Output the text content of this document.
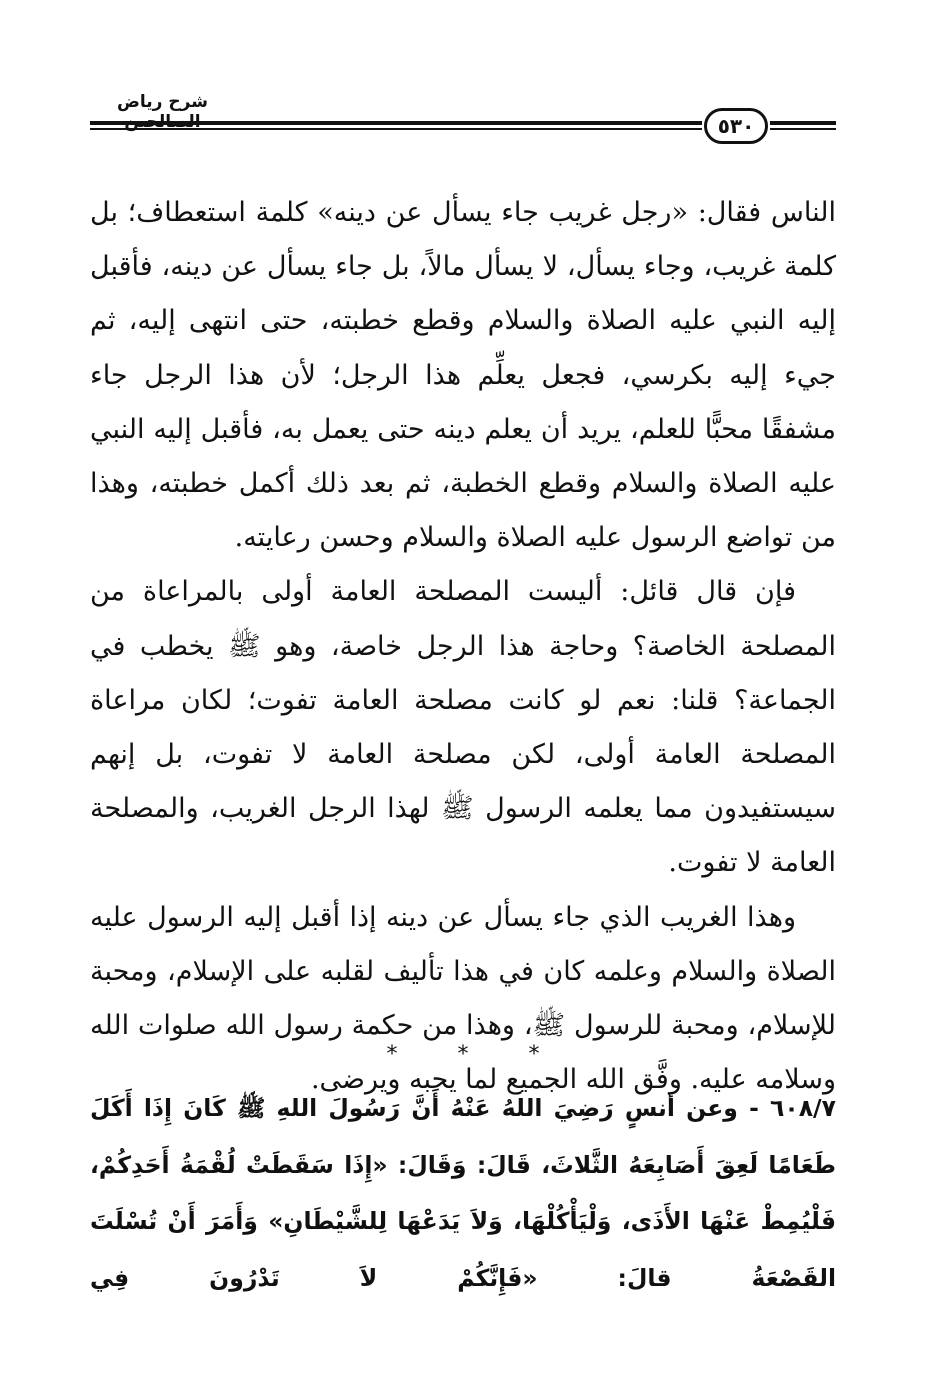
شرح رياض
٥٣٠

الناس فقال: «رجل غريب جاء يسأل عن دينه» كلمة استعطاف؛ بل كلمة غريب، وجاء يسأل، لا يسأل مالاً، بل جاء يسأل عن دينه، فأقبل إليه النبي عليه الصلاة والسلام وقطع خطبته، حتى انتهى إليه، ثم جيء إليه بكرسي، فجعل يعلِّم هذا الرجل؛ لأن هذا الرجل جاء مشفقًا محبًّا للعلم، يريد أن يعلم دينه حتى يعمل به، فأقبل إليه النبي عليه الصلاة والسلام وقطع الخطبة، ثم بعد ذلك أكمل خطبته، وهذا من تواضع الرسول عليه الصلاة والسلام وحسن رعايته.

فإن قال قائل: أليست المصلحة العامة أولى بالمراعاة من المصلحة الخاصة؟ وحاجة هذا الرجل خاصة، وهو ﷺ يخطب في الجماعة؟ قلنا: نعم لو كانت مصلحة العامة تفوت؛ لكان مراعاة المصلحة العامة أولى، لكن مصلحة العامة لا تفوت، بل إنهم سيستفيدون مما يعلمه الرسول ﷺ لهذا الرجل الغريب، والمصلحة العامة لا تفوت.

وهذا الغريب الذي جاء يسأل عن دينه إذا أقبل إليه الرسول عليه الصلاة والسلام وعلمه كان في هذا تأليف لقلبه على الإسلام، ومحبة للإسلام، ومحبة للرسول ﷺ، وهذا من حكمة رسول الله صلوات الله وسلامه عليه. وفَّق الله الجميع لما يحبه ويرضى.

*	*	*
٦٠٨/٧ - وعن أنسٍ رَضِيَ اللهُ عَنْهُ أَنَّ رَسُولَ اللهِ ﷺ كَانَ إِذَا أَكَلَ طَعَامًا لَعِقَ أَصَابِعَهُ الثَّلاثَ، قَالَ: وَقَالَ: «إِذَا سَقَطَتْ لُقْمَةُ أَحَدِكُمْ، فَلْيُمِطْ عَنْهَا الأَذَى، وَلْيَأْكُلْهَا، وَلاَ يَدَعْهَا لِلشَّيْطَانِ» وَأَمَرَ أَنْ تُسْلَتَ القَصْعَةُ قالَ: «فَإِنَّكُمْ لاَ تَدْرُونَ فِي
